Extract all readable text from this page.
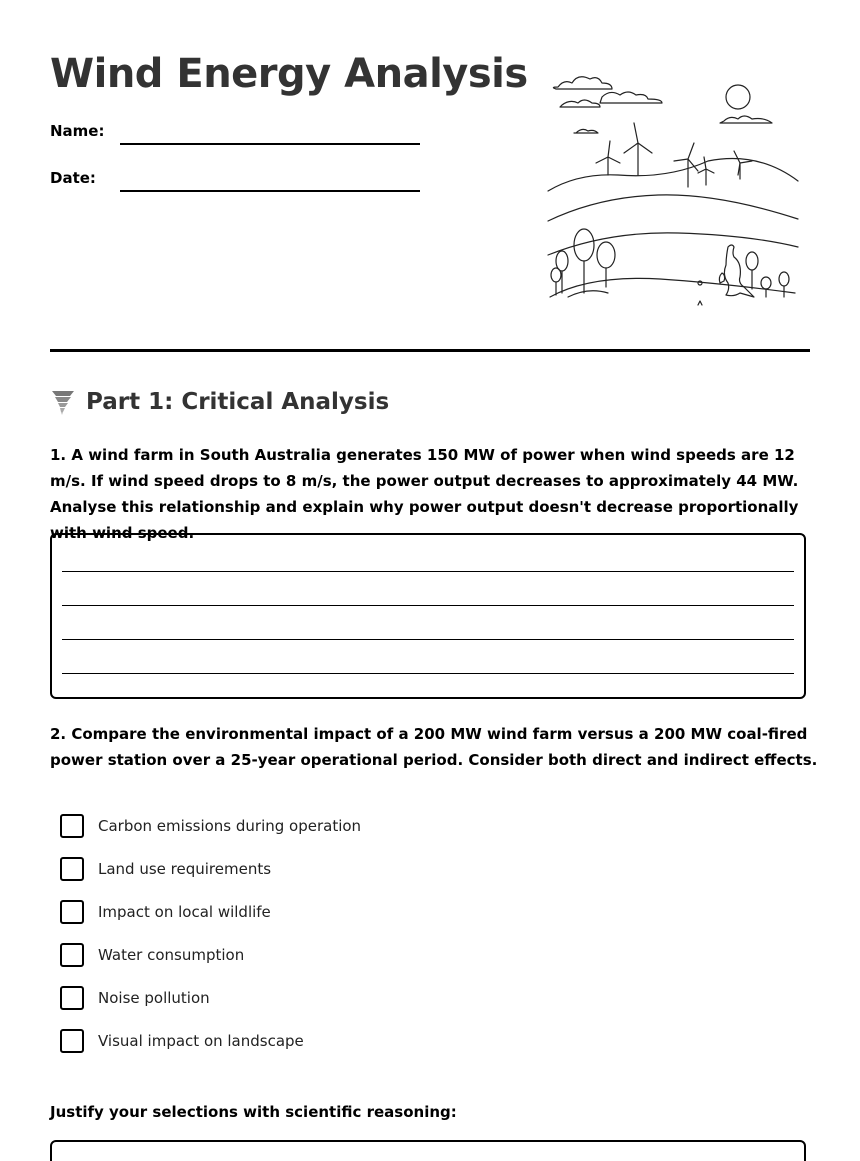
Wind Energy Analysis
Name:
Date:
Part 1: Critical Analysis
1. A wind farm in South Australia generates 150 MW of power when wind speeds are 12 m/s. If wind speed drops to 8 m/s, the power output decreases to approximately 44 MW. Analyse this relationship and explain why power output doesn't decrease proportionally with wind speed.
2. Compare the environmental impact of a 200 MW wind farm versus a 200 MW coal-fired power station over a 25-year operational period. Consider both direct and indirect effects.
Carbon emissions during operation
Land use requirements
Impact on local wildlife
Water consumption
Noise pollution
Visual impact on landscape
Justify your selections with scientific reasoning:
